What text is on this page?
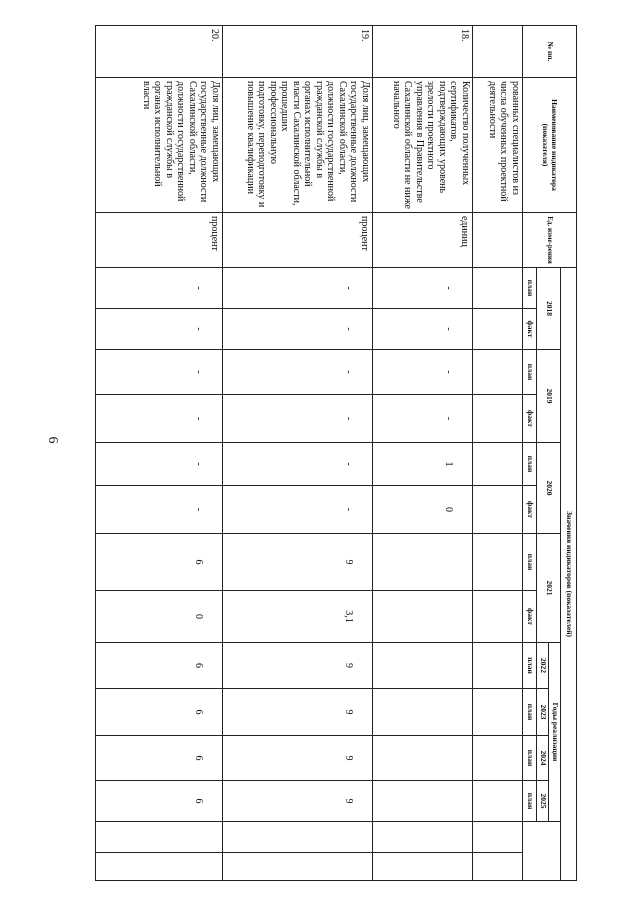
6
№ пп.	Наименование индикатора (показателя)	Ед. изме-рения	Значения индикаторов (показателей)													
			2018		2019		2020		2021		Годы реализации					
											2022	2023	2024	2025		
			план	факт	план	факт	план	факт	план	факт	план	план	план	план		
	рованных специалистов из числа обученных проектной деятельности															
18.	Количество полученных сертификатов, подтверждающих уровень зрелости проектного управления в Правительстве Сахалинской области не ниже начального	единиц	-	-	-	-	1	0								
19.	Доля лиц, замещающих государственные должности Сахалинской области, должности государственной гражданской службы в органах исполнительной власти Сахалинской области, прошедших профессиональную подготовку, переподготовку и повышение квалификации	процент	-	-	-	-	-	-	9	3,1	9	9	9	9		
20.	Доля лиц, замещающих государственные должности Сахалинской области, должности государственной гражданской службы в органах исполнительной власти	процент	-	-	-	-	-	-	6	0	6	6	6	6		
